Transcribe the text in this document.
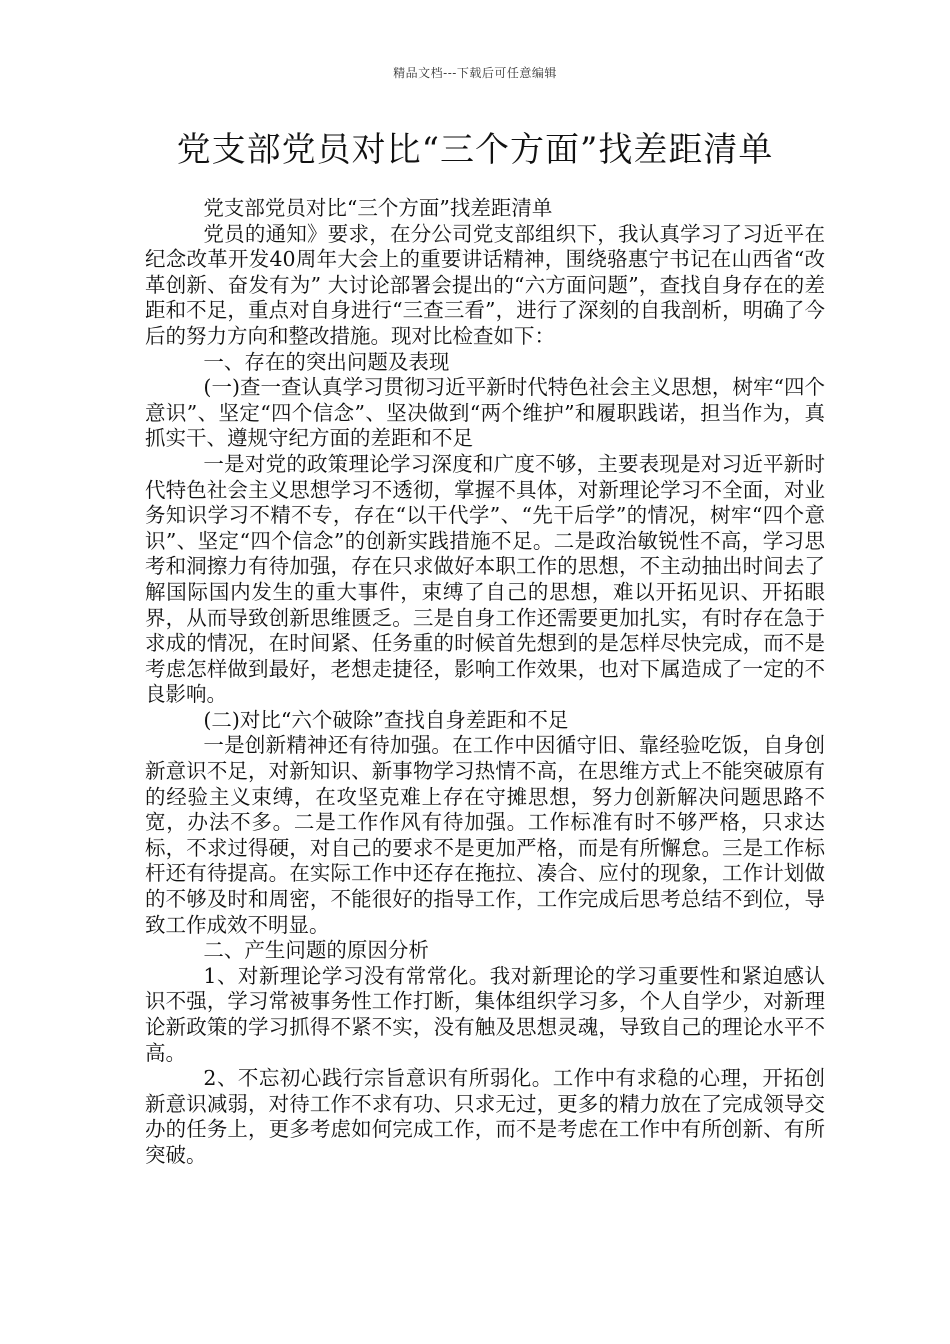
精品文档---下载后可任意编辑
党支部党员对比“三个方面”找差距清单

党支部党员对比“三个方面”找差距清单

党员的通知》要求，在分公司党支部组织下，我认真学习了习近平在纪念改革开发40周年大会上的重要讲话精神，围绕骆惠宁书记在山西省“改革创新、奋发有为” 大讨论部署会提出的“六方面问题”，查找自身存在的差距和不足，重点对自身进行“三查三看”，进行了深刻的自我剖析，明确了今后的努力方向和整改措施。现对比检查如下：

一、存在的突出问题及表现

(一)查一查认真学习贯彻习近平新时代特色社会主义思想，树牢“四个意识”、坚定“四个信念”、坚决做到“两个维护”和履职践诺，担当作为，真抓实干、遵规守纪方面的差距和不足

一是对党的政策理论学习深度和广度不够，主要表现是对习近平新时代特色社会主义思想学习不透彻，掌握不具体，对新理论学习不全面，对业务知识学习不精不专，存在“以干代学”、“先干后学”的情况，树牢“四个意识”、坚定“四个信念”的创新实践措施不足。二是政治敏锐性不高，学习思考和洞擦力有待加强，存在只求做好本职工作的思想，不主动抽出时间去了解国际国内发生的重大事件，束缚了自己的思想，难以开拓见识、开拓眼界，从而导致创新思维匮乏。三是自身工作还需要更加扎实，有时存在急于求成的情况，在时间紧、任务重的时候首先想到的是怎样尽快完成，而不是考虑怎样做到最好，老想走捷径，影响工作效果，也对下属造成了一定的不良影响。

(二)对比“六个破除”查找自身差距和不足

一是创新精神还有待加强。在工作中因循守旧、靠经验吃饭，自身创新意识不足，对新知识、新事物学习热情不高，在思维方式上不能突破原有的经验主义束缚，在攻坚克难上存在守摊思想，努力创新解决问题思路不宽，办法不多。二是工作作风有待加强。工作标准有时不够严格，只求达标，不求过得硬，对自己的要求不是更加严格，而是有所懈怠。三是工作标杆还有待提高。在实际工作中还存在拖拉、凑合、应付的现象，工作计划做的不够及时和周密，不能很好的指导工作，工作完成后思考总结不到位，导致工作成效不明显。

二、产生问题的原因分析

1、对新理论学习没有常常化。我对新理论的学习重要性和紧迫感认识不强，学习常被事务性工作打断，集体组织学习多，个人自学少，对新理论新政策的学习抓得不紧不实，没有触及思想灵魂，导致自己的理论水平不高。

2、不忘初心践行宗旨意识有所弱化。工作中有求稳的心理，开拓创新意识减弱，对待工作不求有功、只求无过，更多的精力放在了完成领导交办的任务上，更多考虑如何完成工作，而不是考虑在工作中有所创新、有所突破。
